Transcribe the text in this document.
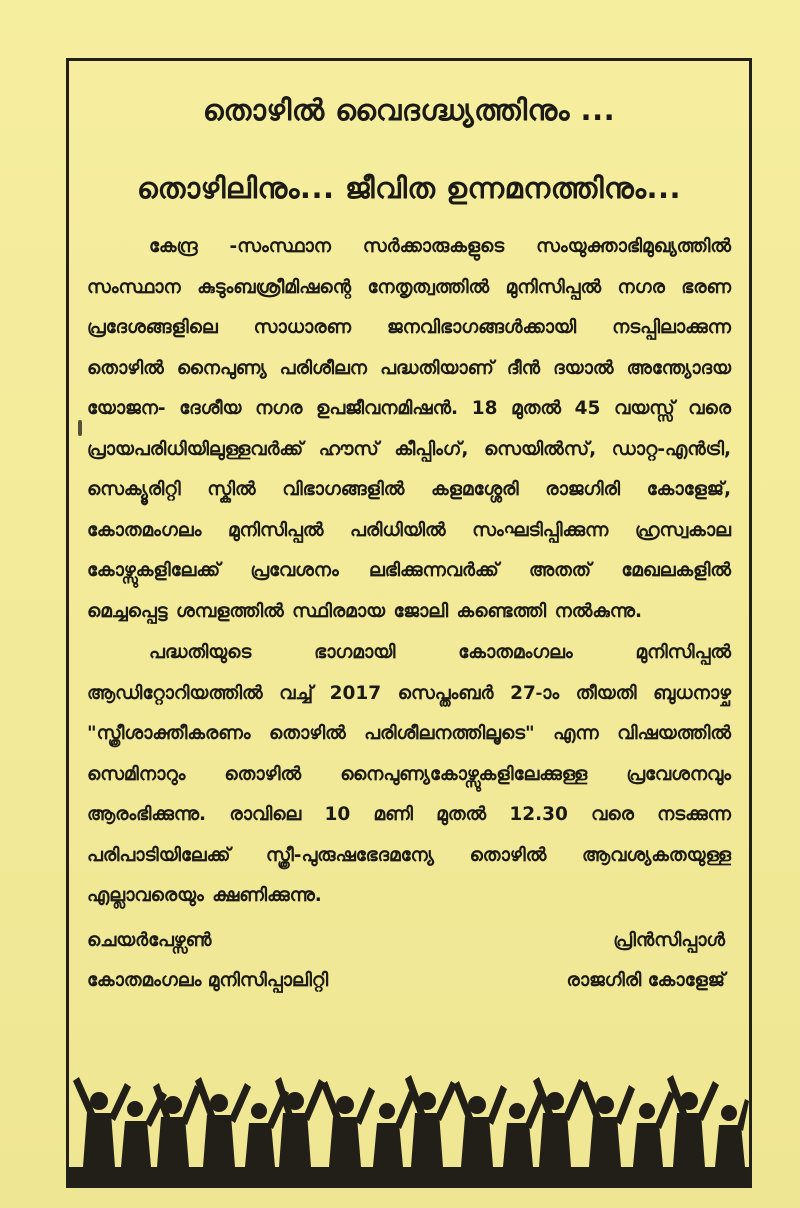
തൊഴിൽ വൈദഗ്ദ്ധ്യത്തിനും ...
തൊഴിലിനും... ജീവിത ഉന്നമനത്തിനും...
കേന്ദ്ര -സംസ്ഥാന സർക്കാരുകളുടെ സംയുക്താഭിമുഖ്യത്തിൽ സംസ്ഥാന കുടുംബശ്രീമിഷന്റെ നേതൃത്വത്തിൽ മുനിസിപ്പൽ നഗര ഭരണ പ്രദേശങ്ങളിലെ സാധാരണ ജനവിഭാഗങ്ങൾക്കായി നടപ്പിലാക്കുന്ന തൊഴിൽ നൈപുണ്യ പരിശീലന പദ്ധതിയാണ് ദീൻ ദയാൽ അന്ത്യോദയ യോജന- ദേശീയ നഗര ഉപജീവനമിഷൻ. 18 മുതൽ 45 വയസ്സ് വരെ പ്രായപരിധിയിലുള്ളവർക്ക് ഹൗസ് കീപ്പിംഗ്, സെയിൽസ്, ഡാറ്റ-എൻട്രി, സെക്യൂരിറ്റി സ്കിൽ വിഭാഗങ്ങളിൽ കളമശ്ശേരി രാജഗിരി കോളേജ്, കോതമംഗലം മുനിസിപ്പൽ പരിധിയിൽ സംഘടിപ്പിക്കുന്ന ഹ്രസ്വകാല കോഴ്സുകളിലേക്ക് പ്രവേശനം ലഭിക്കുന്നവർക്ക് അതത് മേഖലകളിൽ മെച്ചപ്പെട്ട ശമ്പളത്തിൽ സ്ഥിരമായ ജോലി കണ്ടെത്തി നൽകുന്നു.
പദ്ധതിയുടെ ഭാഗമായി കോതമംഗലം മുനിസിപ്പൽ ആഡിറ്റോറിയത്തിൽ വച്ച് 2017 സെപ്തംബർ 27-ാം തീയതി ബുധനാഴ്ച "സ്ത്രീശാക്തീകരണം തൊഴിൽ പരിശീലനത്തിലൂടെ" എന്ന വിഷയത്തിൽ സെമിനാറും തൊഴിൽ നൈപുണ്യകോഴ്സുകളിലേക്കുള്ള പ്രവേശനവും ആരംഭിക്കുന്നു. രാവിലെ 10 മണി മുതൽ 12.30 വരെ നടക്കുന്ന പരിപാടിയിലേക്ക് സ്ത്രീ-പുരുഷഭേദമന്യേ തൊഴിൽ ആവശ്യകതയുള്ള എല്ലാവരെയും ക്ഷണിക്കുന്നു.
ചെയർപേഴ്സൺ
കോതമംഗലം മുനിസിപ്പാലിറ്റി
പ്രിൻസിപ്പാൾ
രാജഗിരി കോളേജ്
